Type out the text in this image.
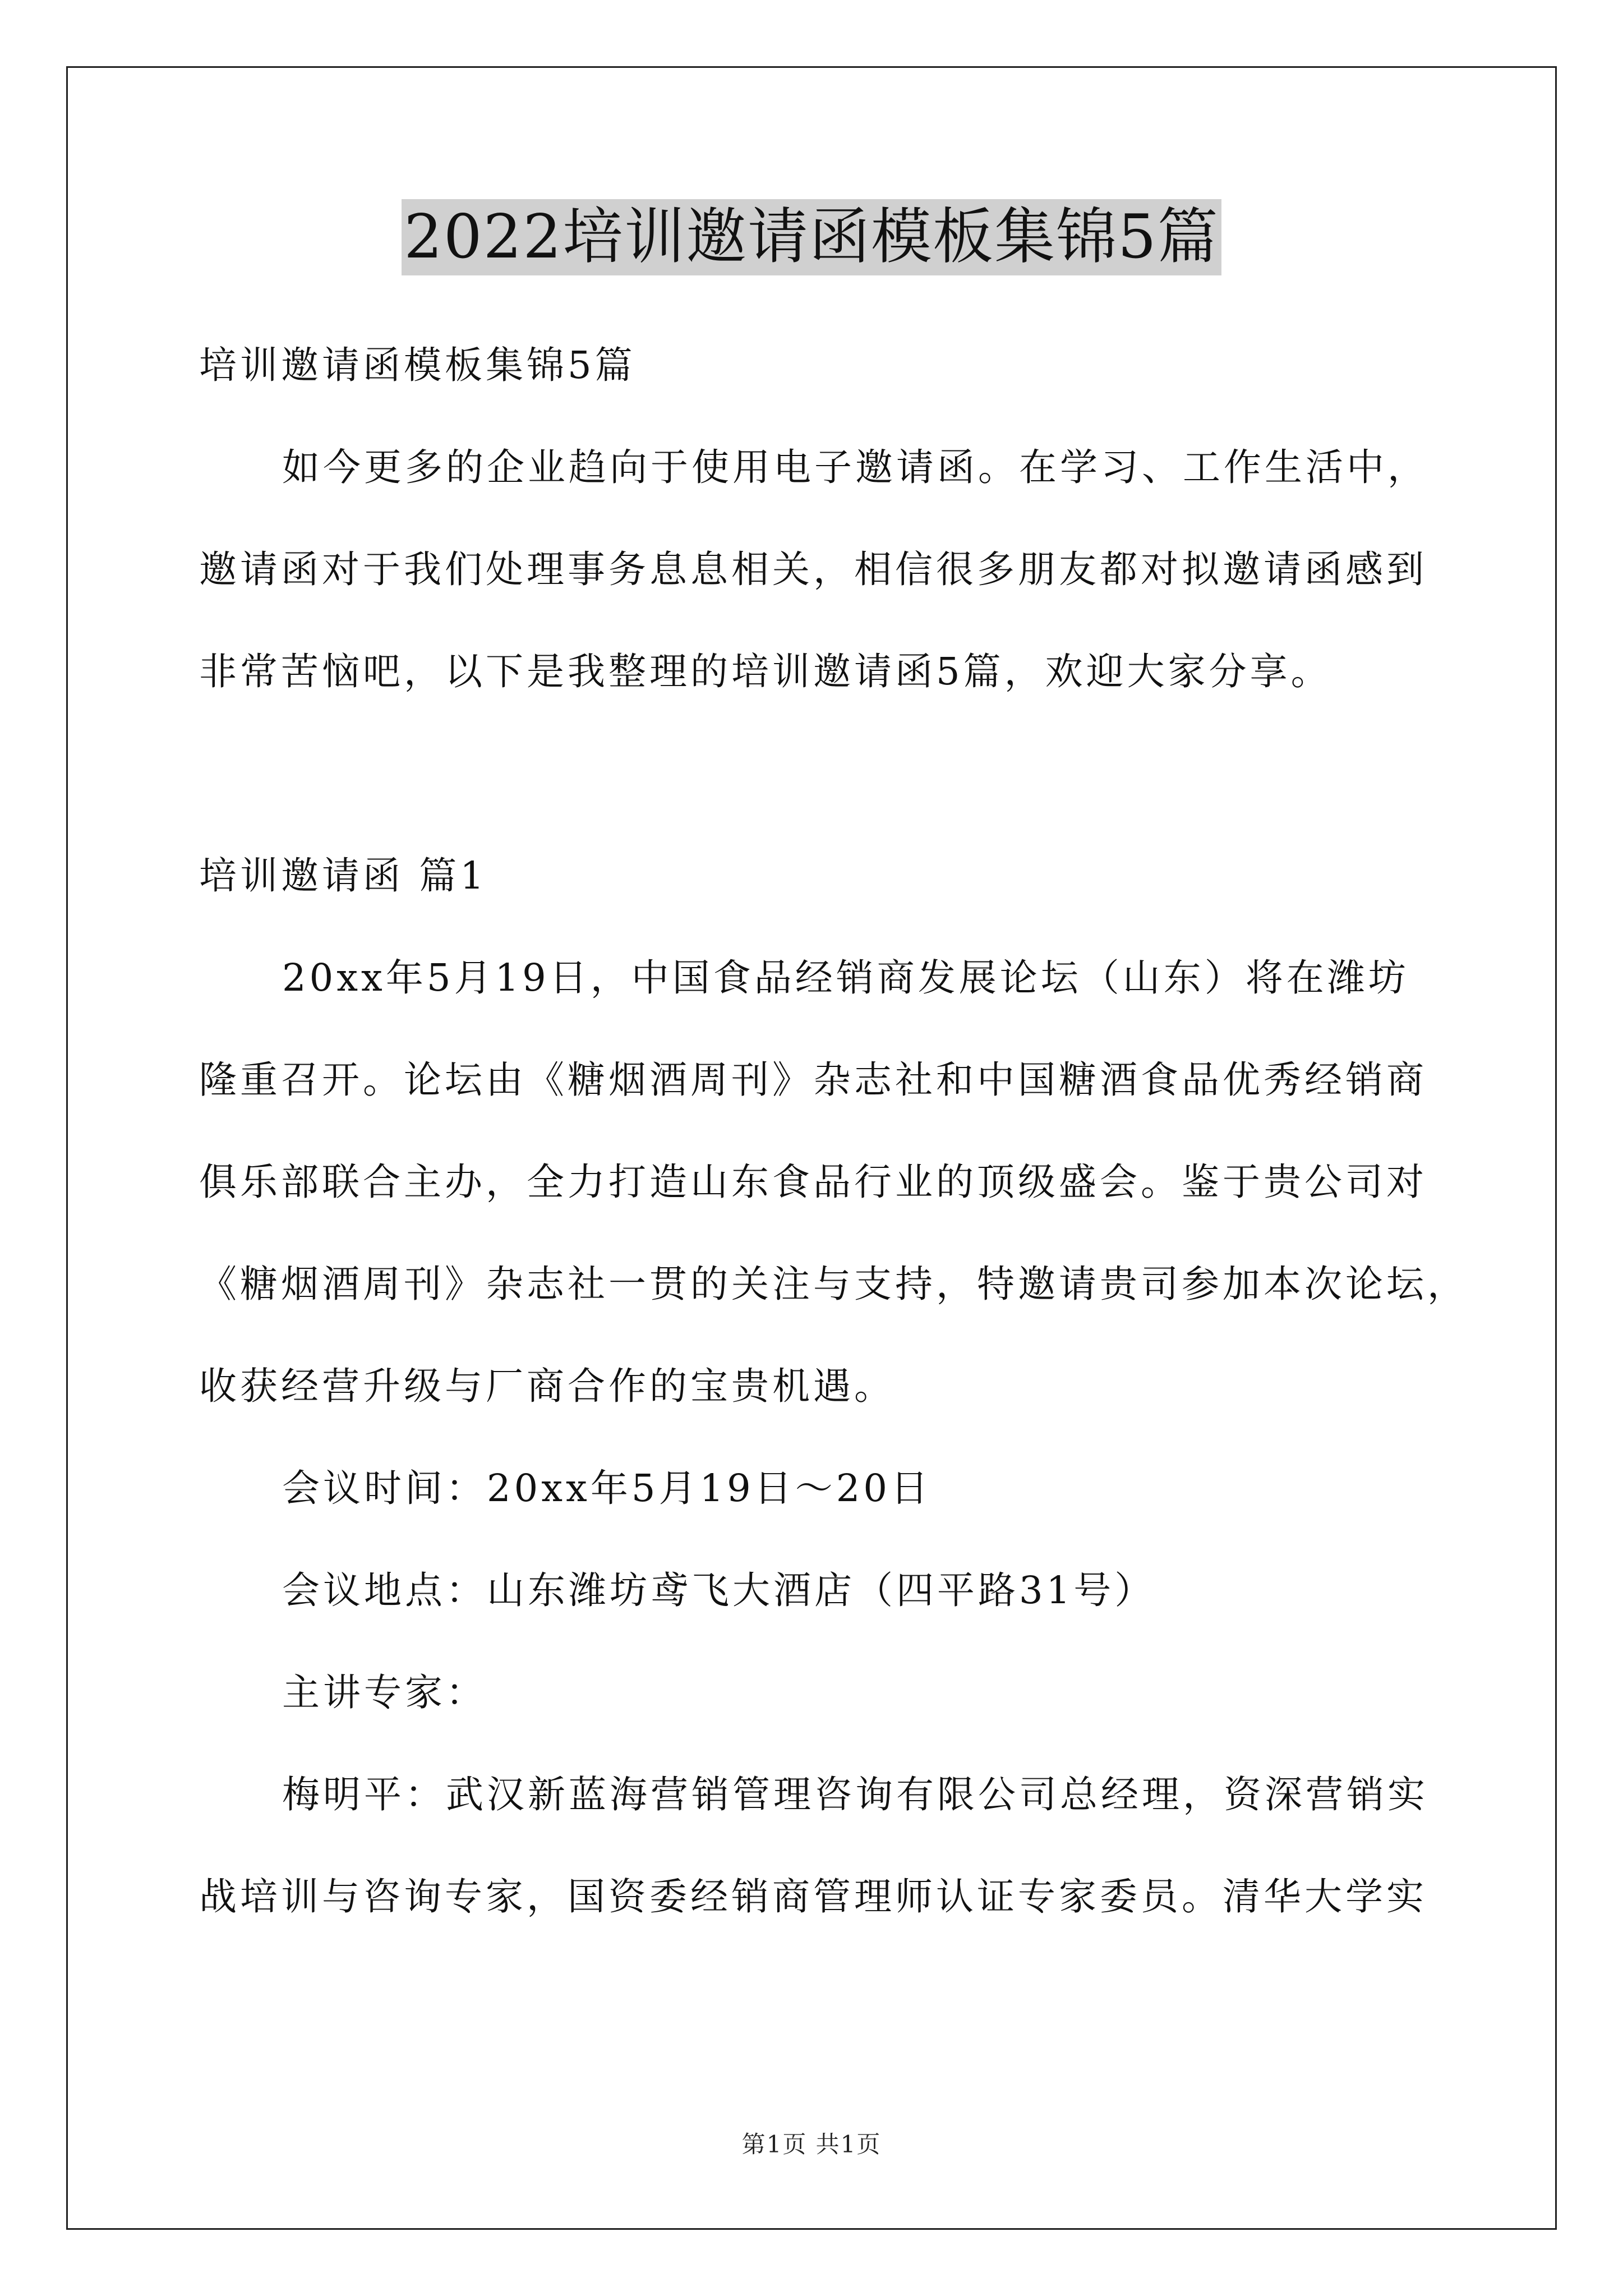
2022培训邀请函模板集锦5篇
培训邀请函模板集锦5篇
如今更多的企业趋向于使用电子邀请函。在学习、工作生活中，
邀请函对于我们处理事务息息相关，相信很多朋友都对拟邀请函感到
非常苦恼吧，以下是我整理的培训邀请函5篇，欢迎大家分享。
培训邀请函 篇1
20xx年5月19日，中国食品经销商发展论坛（山东）将在潍坊
隆重召开。论坛由《糖烟酒周刊》杂志社和中国糖酒食品优秀经销商
俱乐部联合主办，全力打造山东食品行业的顶级盛会。鉴于贵公司对
《糖烟酒周刊》杂志社一贯的关注与支持，特邀请贵司参加本次论坛，
收获经营升级与厂商合作的宝贵机遇。
会议时间：20xx年5月19日～20日
会议地点：山东潍坊鸢飞大酒店（四平路31号）
主讲专家：
梅明平：武汉新蓝海营销管理咨询有限公司总经理，资深营销实
战培训与咨询专家，国资委经销商管理师认证专家委员。清华大学实
第1页 共1页
